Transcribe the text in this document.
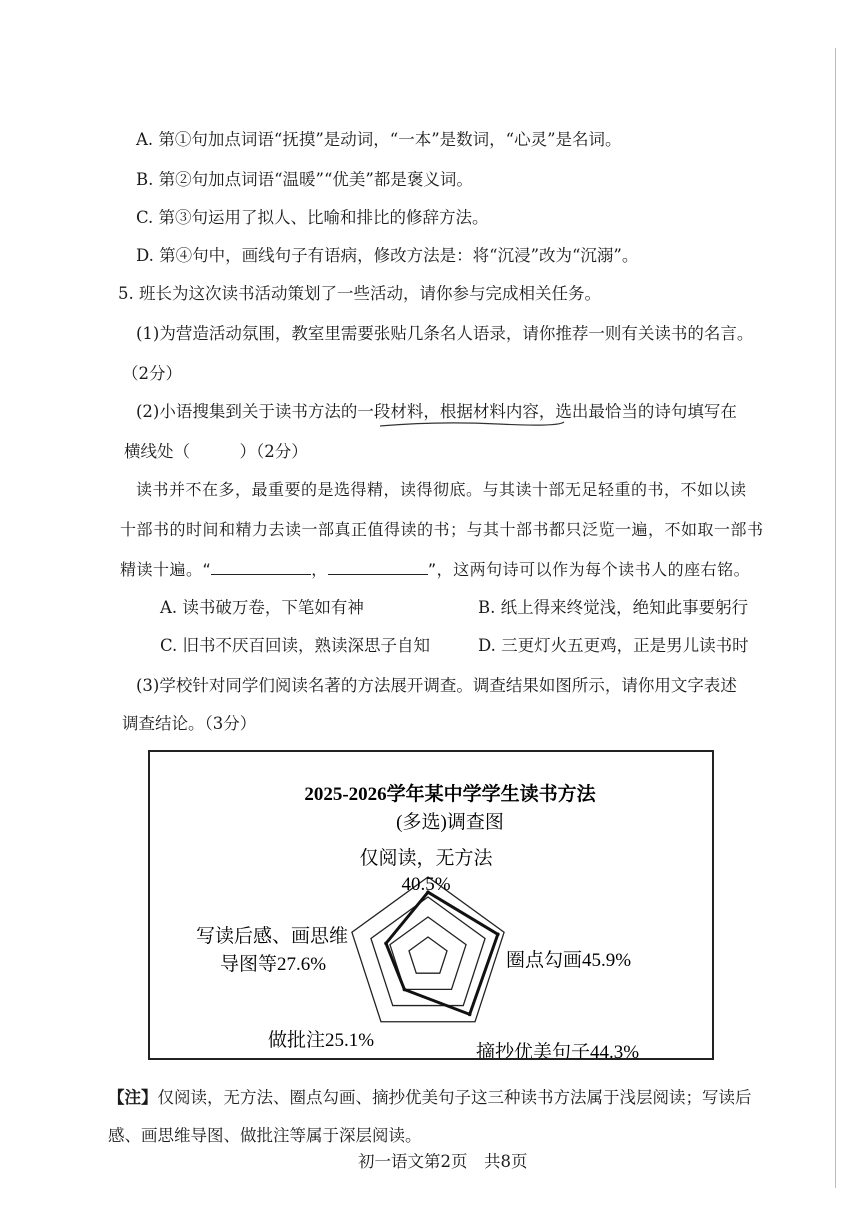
A. 第①句加点词语“抚摸”是动词，“一本”是数词，“心灵”是名词。
B. 第②句加点词语“温暖”“优美”都是褒义词。
C. 第③句运用了拟人、比喻和排比的修辞方法。
D. 第④句中，画线句子有语病，修改方法是：将“沉浸”改为“沉溺”。
5. 班长为这次读书活动策划了一些活动，请你参与完成相关任务。
(1)为营造活动氛围，教室里需要张贴几条名人语录，请你推荐一则有关读书的名言。
（2分）
(2)小语搜集到关于读书方法的一段材料，根据材料内容，选出最恰当的诗句填写在
横线处（　　　）（2分）
读书并不在多，最重要的是选得精，读得彻底。与其读十部无足轻重的书，不如以读
十部书的时间和精力去读一部真正值得读的书；与其十部书都只泛览一遍，不如取一部书
精读十遍。“	，	”，这两句诗可以作为每个读书人的座右铭。
A. 读书破万卷，下笔如有神	B. 纸上得来终觉浅，绝知此事要躬行
C. 旧书不厌百回读，熟读深思子自知	D. 三更灯火五更鸡，正是男儿读书时
(3)学校针对同学们阅读名著的方法展开调查。调查结果如图所示，请你用文字表述
调查结论。（3分）
2025-2026学年某中学学生读书方法
(多选)调查图
仅阅读，无方法
40.5%
圈点勾画45.9%
摘抄优美句子44.3%
做批注25.1%
写读后感、画思维
导图等27.6%
【注】仅阅读，无方法、圈点勾画、摘抄优美句子这三种读书方法属于浅层阅读；写读后
感、画思维导图、做批注等属于深层阅读。
初一语文第2页　共8页
